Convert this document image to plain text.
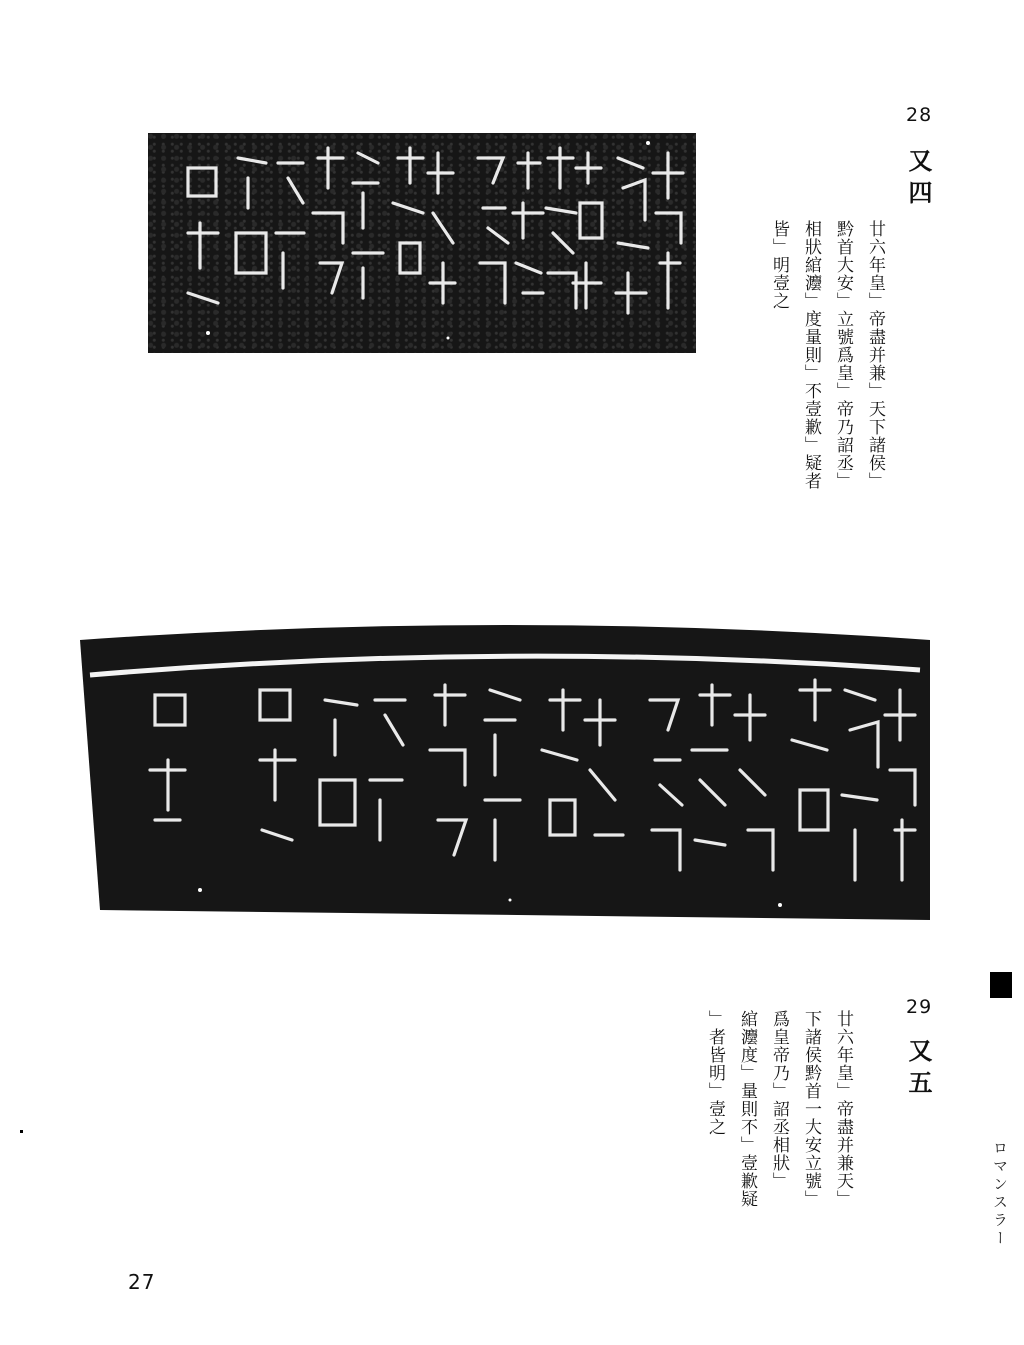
28
又四
廿六年皇」帝盡并兼」天下諸侯」
黔首大安」立號爲皇」帝乃詔丞」
相狀綰灋」度量則」不壹歉」疑者
皆」明壹之
29
又五
廿六年皇」帝盡并兼天」
下諸侯黔首一大安立號」
爲皇帝乃」詔丞相狀」
綰灋度」量則不」壹歉疑
」者皆明」壹之
ロマンスラー
27
